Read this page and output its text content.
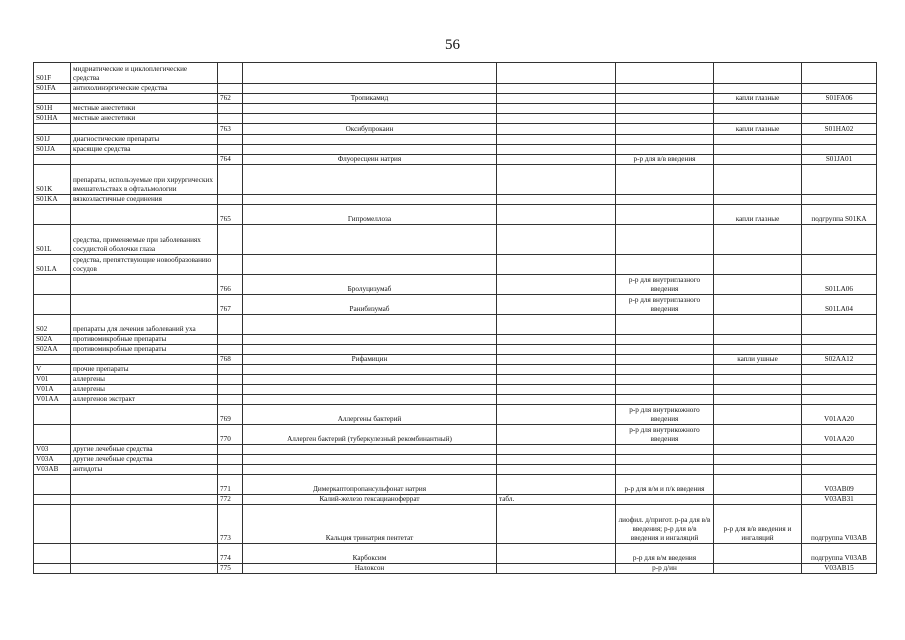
56
S01F	мидриатические и циклоплегические средства						
S01FA	антихолинэргические средства						
		762	Тропикамид			капли глазные	S01FA06
S01H	местные анестетики						
S01HA	местные анестетики						
		763	Оксибупрокаин			капли глазные	S01HA02
S01J	диагностические препараты						
S01JA	красящие средства						
		764	Флуоресцеин натрия		р-р для в/в введения		S01JA01
S01K	препараты, используемые при хирургических вмешательствах в офтальмологии						
S01KA	вязкоэластичные соединения						
		765	Гипромеллоза			капли глазные	подгруппа S01KA
S01L	средства, применяемые при заболеваниях сосудистой оболочки глаза						
S01LA	средства, препятствующие новообразованию сосудов						
		766	Бролуцизумаб		р-р для внутриглазного введения		S01LA06
		767	Ранибизумаб		р-р для внутриглазного введения		S01LA04
S02	препараты для лечения заболеваний уха						
S02A	противомикробные препараты						
S02AA	противомикробные препараты						
		768	Рифамицин			капли ушные	S02AA12
V	прочие препараты						
V01	аллергены						
V01A	аллергены						
V01AA	аллергенов экстракт						
		769	Аллергены бактерий		р-р для внутрикожного введения		V01AA20
		770	Аллерген бактерий (туберкулезный рекомбинантный)		р-р для внутрикожного введения		V01AA20
V03	другие лечебные средства						
V03A	другие лечебные средства						
V03AB	антидоты						
		771	Димеркаптопропансульфонат натрия		р-р для в/м и п/к введения		V03AB09
		772	Калий-железо гексацианоферрат	табл.			V03AB31
		773	Кальция тринатрия пентетат		лиофил. д/пригот. р-ра для в/в введения; р-р для в/в введения и ингаляций	р-р для в/в введения и ингаляций	подгруппа V03AB
		774	Карбоксим		р-р для в/м введения		подгруппа V03AB
		775	Налоксон		р-р д/ин		V03AB15
